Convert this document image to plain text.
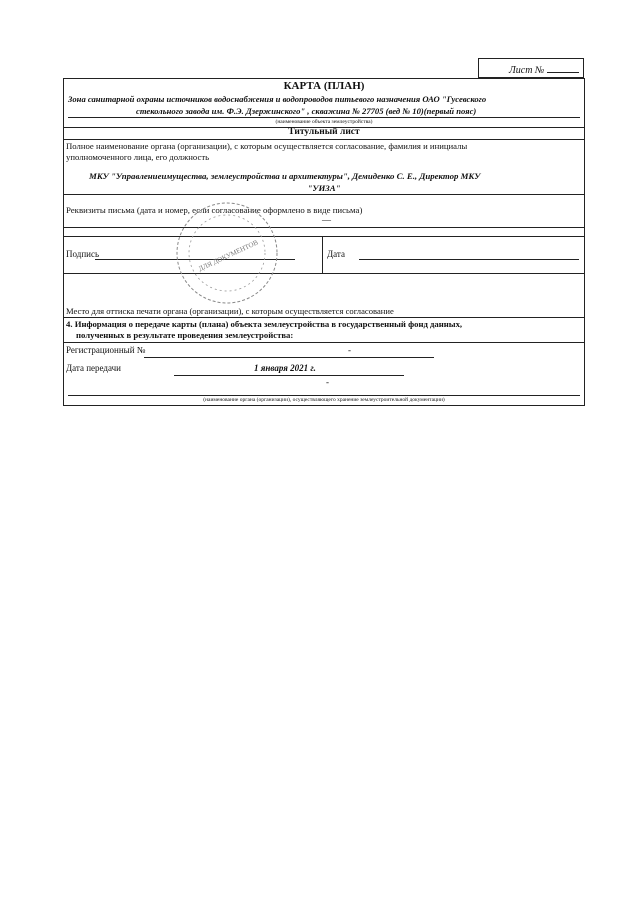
Лист №
КАРТА (ПЛАН)
Зона санитарной охраны источников водоснабжения и водопроводов питьевого назначения ОАО "Гусевского
стекольного завода им. Ф.Э. Дзержинского" , скважина № 27705 (вед № 10)(первый пояс)
(наименование объекта землеустройства)
Титульный лист
Полное наименование органа (организации), с которым осуществляется согласование, фамилия и инициалы
уполномоченного лица, его должность
МКУ "Управлениеимущества, землеустройства и архитектуры", Демиденко С. Е., Директор МКУ
"УИЗА"
Реквизиты письма (дата и номер, если согласование оформлено в виде письма)
—
Подпись	Дата
Место для оттиска печати органа (организации), с которым осуществляется согласование
4. Информация о передаче карты (плана) объекта землеустройства в государственный фонд данных,
полученных в результате проведения землеустройства:
Регистрационный №	-
Дата передачи	1 января 2021 г.
-
(наименование органа (организации), осуществляющего хранение землеустроительной документации)
ДЛЯ ДОКУМЕНТОВ
